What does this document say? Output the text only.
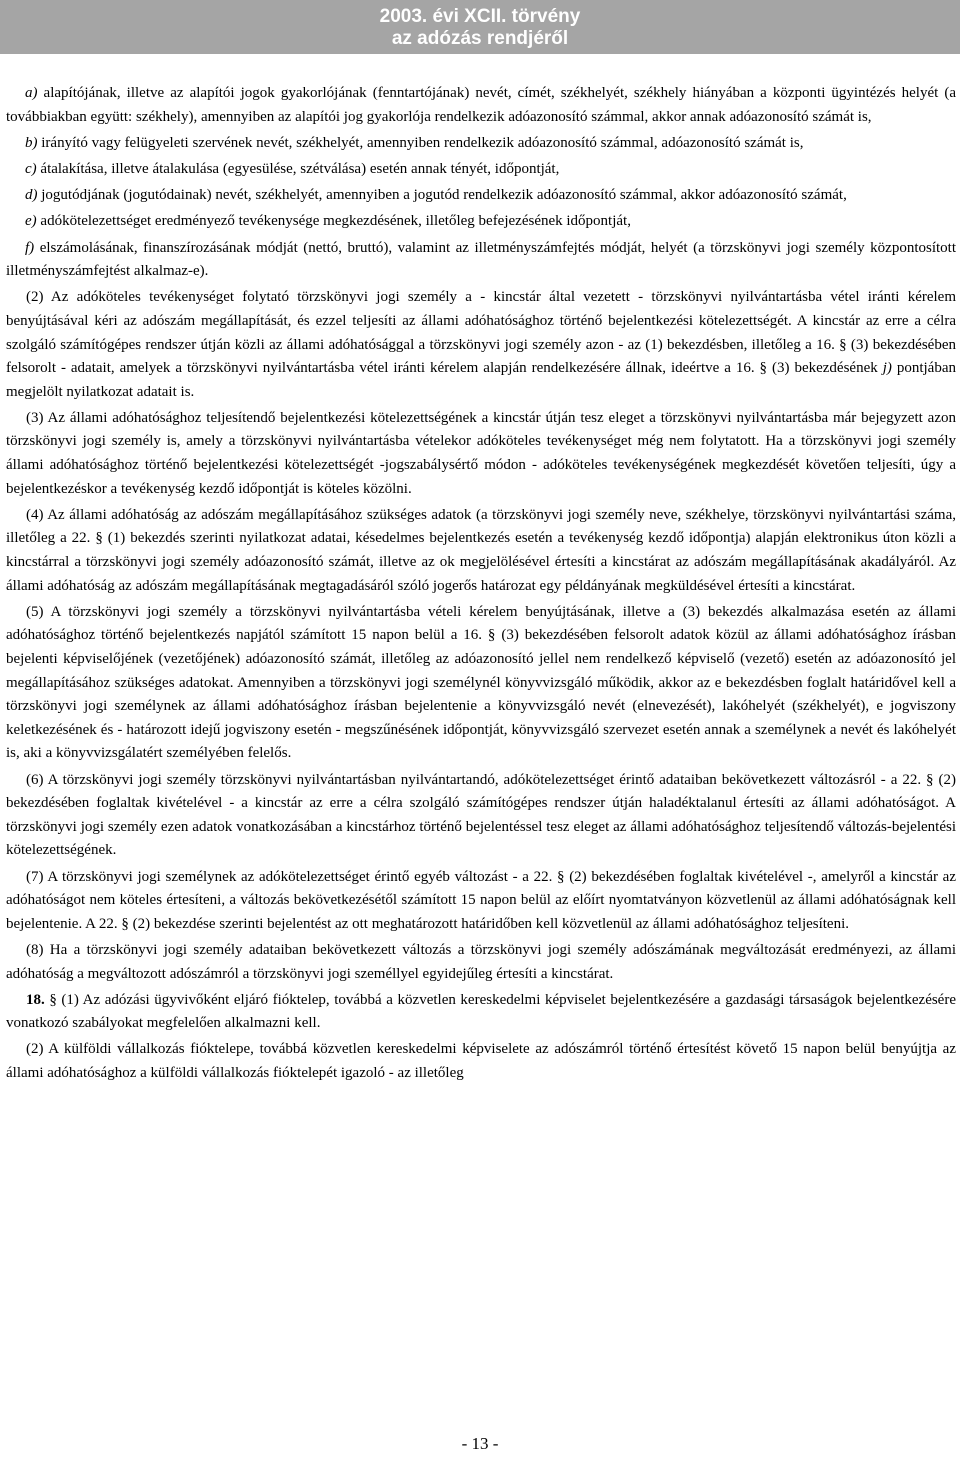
2003. évi XCII. törvény
az adózás rendjéről

a) alapítójának, illetve az alapítói jogok gyakorlójának (fenntartójának) nevét, címét, székhelyét, székhely hiányában a központi ügyintézés helyét (a továbbiakban együtt: székhely), amennyiben az alapítói jog gyakorlója rendelkezik adóazonosító számmal, akkor annak adóazonosító számát is,

b) irányító vagy felügyeleti szervének nevét, székhelyét, amennyiben rendelkezik adóazonosító számmal, adóazonosító számát is,

c) átalakítása, illetve átalakulása (egyesülése, szétválása) esetén annak tényét, időpontját,

d) jogutódjának (jogutódainak) nevét, székhelyét, amennyiben a jogutód rendelkezik adóazonosító számmal, akkor adóazonosító számát,

e) adókötelezettséget eredményező tevékenysége megkezdésének, illetőleg befejezésének időpontját,

f) elszámolásának, finanszírozásának módját (nettó, bruttó), valamint az illetményszámfejtés módját, helyét (a törzskönyvi jogi személy központosított illetményszámfejtést alkalmaz-e).

(2) Az adóköteles tevékenységet folytató törzskönyvi jogi személy a - kincstár által vezetett - törzskönyvi nyilvántartásba vétel iránti kérelem benyújtásával kéri az adószám megállapítását, és ezzel teljesíti az állami adóhatósághoz történő bejelentkezési kötelezettségét. A kincstár az erre a célra szolgáló számítógépes rendszer útján közli az állami adóhatósággal a törzskönyvi jogi személy azon - az (1) bekezdésben, illetőleg a 16. § (3) bekezdésében felsorolt - adatait, amelyek a törzskönyvi nyilvántartásba vétel iránti kérelem alapján rendelkezésére állnak, ideértve a 16. § (3) bekezdésének j) pontjában megjelölt nyilatkozat adatait is.

(3) Az állami adóhatósághoz teljesítendő bejelentkezési kötelezettségének a kincstár útján tesz eleget a törzskönyvi nyilvántartásba már bejegyzett azon törzskönyvi jogi személy is, amely a törzskönyvi nyilvántartásba vételekor adóköteles tevékenységet még nem folytatott. Ha a törzskönyvi jogi személy állami adóhatósághoz történő bejelentkezési kötelezettségét -jogszabálysértő módon - adóköteles tevékenységének megkezdését követően teljesíti, úgy a bejelentkezéskor a tevékenység kezdő időpontját is köteles közölni.

(4) Az állami adóhatóság az adószám megállapításához szükséges adatok (a törzskönyvi jogi személy neve, székhelye, törzskönyvi nyilvántartási száma, illetőleg a 22. § (1) bekezdés szerinti nyilatkozat adatai, késedelmes bejelentkezés esetén a tevékenység kezdő időpontja) alapján elektronikus úton közli a kincstárral a törzskönyvi jogi személy adóazonosító számát, illetve az ok megjelölésével értesíti a kincstárat az adószám megállapításának akadályáról. Az állami adóhatóság az adószám megállapításának megtagadásáról szóló jogerős határozat egy példányának megküldésével értesíti a kincstárat.

(5) A törzskönyvi jogi személy a törzskönyvi nyilvántartásba vételi kérelem benyújtásának, illetve a (3) bekezdés alkalmazása esetén az állami adóhatósághoz történő bejelentkezés napjától számított 15 napon belül a 16. § (3) bekezdésében felsorolt adatok közül az állami adóhatósághoz írásban bejelenti képviselőjének (vezetőjének) adóazonosító számát, illetőleg az adóazonosító jellel nem rendelkező képviselő (vezető) esetén az adóazonosító jel megállapításához szükséges adatokat. Amennyiben a törzskönyvi jogi személynél könyvvizsgáló működik, akkor az e bekezdésben foglalt határidővel kell a törzskönyvi jogi személynek az állami adóhatósághoz írásban bejelentenie a könyvvizsgáló nevét (elnevezését), lakóhelyét (székhelyét), e jogviszony keletkezésének és - határozott idejű jogviszony esetén - megszűnésének időpontját, könyvvizsgáló szervezet esetén annak a személynek a nevét és lakóhelyét is, aki a könyvvizsgálatért személyében felelős.

(6) A törzskönyvi jogi személy törzskönyvi nyilvántartásban nyilvántartandó, adókötelezettséget érintő adataiban bekövetkezett változásról - a 22. § (2) bekezdésében foglaltak kivételével - a kincstár az erre a célra szolgáló számítógépes rendszer útján haladéktalanul értesíti az állami adóhatóságot. A törzskönyvi jogi személy ezen adatok vonatkozásában a kincstárhoz történő bejelentéssel tesz eleget az állami adóhatósághoz teljesítendő változás-bejelentési kötelezettségének.

(7) A törzskönyvi jogi személynek az adókötelezettséget érintő egyéb változást - a 22. § (2) bekezdésében foglaltak kivételével -, amelyről a kincstár az adóhatóságot nem köteles értesíteni, a változás bekövetkezésétől számított 15 napon belül az előírt nyomtatványon közvetlenül az állami adóhatóságnak kell bejelentenie. A 22. § (2) bekezdése szerinti bejelentést az ott meghatározott határidőben kell közvetlenül az állami adóhatósághoz teljesíteni.

(8) Ha a törzskönyvi jogi személy adataiban bekövetkezett változás a törzskönyvi jogi személy adószámának megváltozását eredményezi, az állami adóhatóság a megváltozott adószámról a törzskönyvi jogi személlyel egyidejűleg értesíti a kincstárat.

18. § (1) Az adózási ügyvivőként eljáró fióktelep, továbbá a közvetlen kereskedelmi képviselet bejelentkezésére a gazdasági társaságok bejelentkezésére vonatkozó szabályokat megfelelően alkalmazni kell.

(2) A külföldi vállalkozás fióktelepe, továbbá közvetlen kereskedelmi képviselete az adószámról történő értesítést követő 15 napon belül benyújtja az állami adóhatósághoz a külföldi vállalkozás fióktelepét igazoló - az illetőleg

- 13 -
